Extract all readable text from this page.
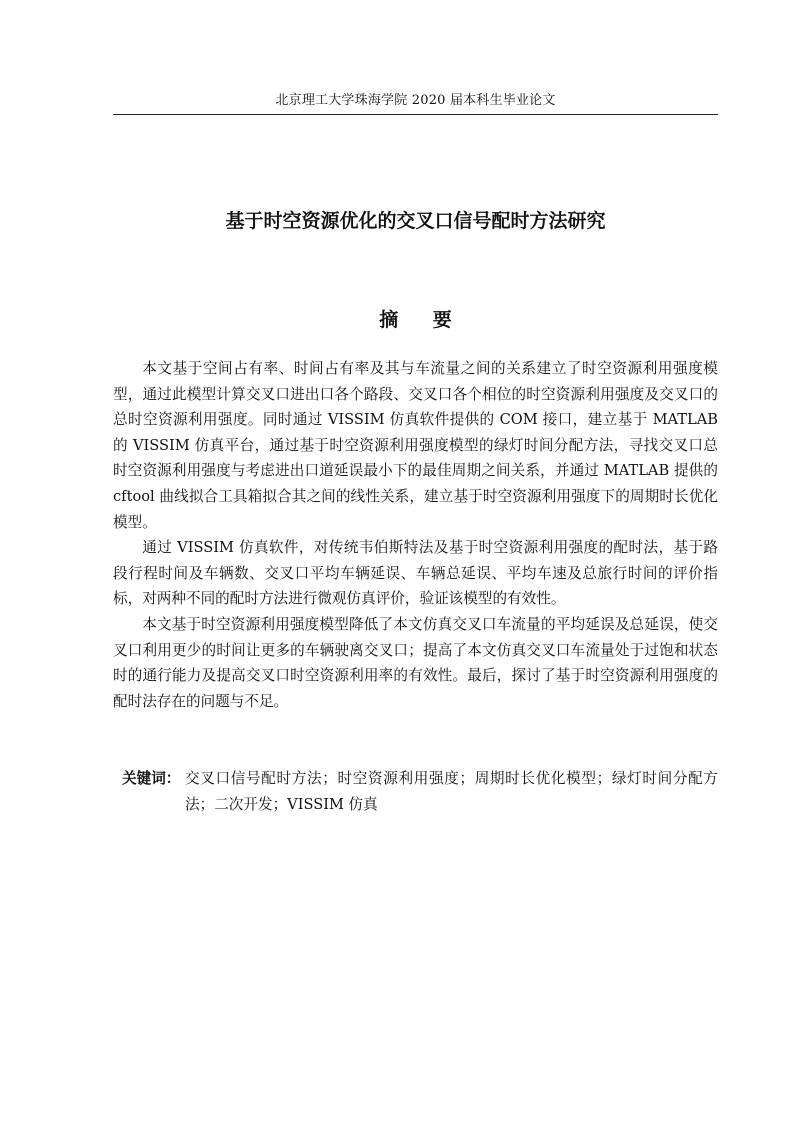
北京理工大学珠海学院 2020 届本科生毕业论文
基于时空资源优化的交叉口信号配时方法研究
摘 要

本文基于空间占有率、时间占有率及其与车流量之间的关系建立了时空资源利用强度模型，通过此模型计算交叉口进出口各个路段、交叉口各个相位的时空资源利用强度及交叉口的总时空资源利用强度。同时通过 VISSIM 仿真软件提供的 COM 接口，建立基于 MATLAB 的 VISSIM 仿真平台，通过基于时空资源利用强度模型的绿灯时间分配方法，寻找交叉口总时空资源利用强度与考虑进出口道延误最小下的最佳周期之间关系，并通过 MATLAB 提供的 cftool 曲线拟合工具箱拟合其之间的线性关系，建立基于时空资源利用强度下的周期时长优化模型。

通过 VISSIM 仿真软件，对传统韦伯斯特法及基于时空资源利用强度的配时法，基于路段行程时间及车辆数、交叉口平均车辆延误、车辆总延误、平均车速及总旅行时间的评价指标，对两种不同的配时方法进行微观仿真评价，验证该模型的有效性。

本文基于时空资源利用强度模型降低了本文仿真交叉口车流量的平均延误及总延误，使交叉口利用更少的时间让更多的车辆驶离交叉口；提高了本文仿真交叉口车流量处于过饱和状态时的通行能力及提高交叉口时空资源利用率的有效性。最后，探讨了基于时空资源利用强度的配时法存在的问题与不足。

关键词： 交叉口信号配时方法；时空资源利用强度；周期时长优化模型；绿灯时间分配方法；二次开发；VISSIM 仿真
